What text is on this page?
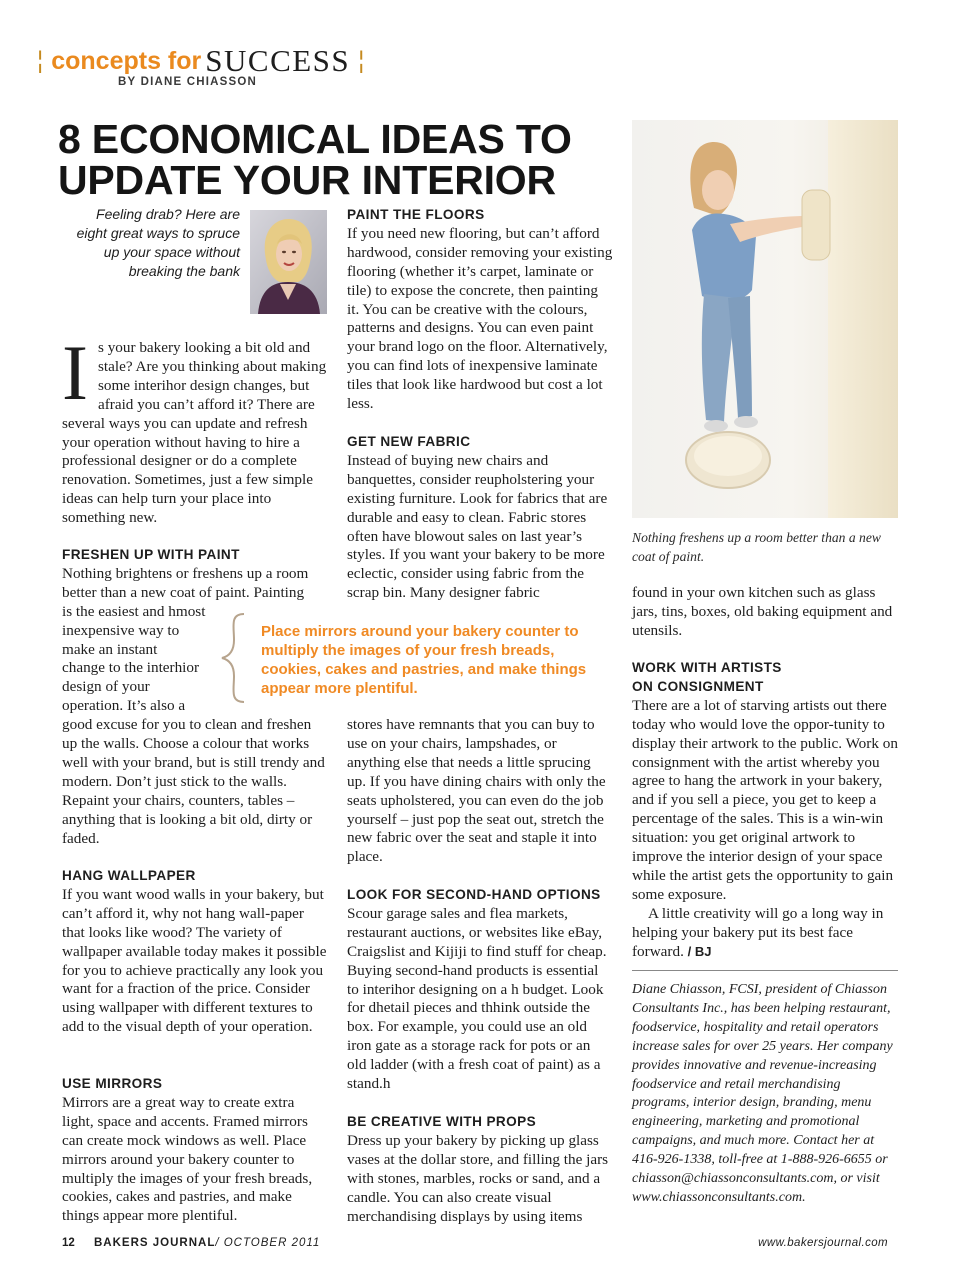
¦ concepts for SUCCESS ¦
BY DIANE CHIASSON
8 ECONOMICAL IDEAS TO
UPDATE YOUR INTERIOR
Feeling drab? Here are eight great ways to spruce up your space without breaking the bank
I s your bakery looking a bit old and stale? Are you thinking about making some interihor design changes, but afraid you can’t afford it? There are several ways you can update and refresh your operation without having to hire a professional designer or do a complete renovation. Sometimes, just a few simple ideas can help turn your place into something new.
FRESHEN UP WITH PAINT

Nothing brightens or freshens up a room better than a new coat of paint. Painting

is the easiest and hmost
inexpensive way to
make an instant
change to the interhior
design of your
operation. It’s also a

good excuse for you to clean and freshen up the walls. Choose a colour that works well with your brand, but is still trendy and modern. Don’t just stick to the walls. Repaint your chairs, counters, tables – anything that is looking a bit old, dirty or faded.

HANG WALLPAPER

If you want wood walls in your bakery, but can’t afford it, why not hang wall-paper that looks like wood? The variety of wallpaper available today makes it possible for you to achieve practically any look you want for a fraction of the price. Consider using wallpaper with different textures to add to the visual depth of your operation.

USE MIRRORS

Mirrors are a great way to create extra light, space and accents. Framed mirrors can create mock windows as well. Place mirrors around your bakery counter to multiply the images of your fresh breads, cookies, cakes and pastries, and make things appear more plentiful.

PAINT THE FLOORS

If you need new flooring, but can’t afford hardwood, consider removing your existing flooring (whether it’s carpet, laminate or tile) to expose the concrete, then painting it. You can be creative with the colours, patterns and designs. You can even paint your brand logo on the floor. Alternatively, you can find lots of inexpensive laminate tiles that look like hardwood but cost a lot less.

GET NEW FABRIC

Instead of buying new chairs and banquettes, consider reupholstering your existing furniture. Look for fabrics that are durable and easy to clean. Fabric stores often have blowout sales on last year’s styles. If you want your bakery to be more eclectic, consider using fabric from the scrap bin. Many designer fabric

Place mirrors around your bakery counter to multiply the images of your fresh breads, cookies, cakes and pastries, and make things appear more plentiful.

stores have remnants that you can buy to use on your chairs, lampshades, or anything else that needs a little sprucing up. If you have dining chairs with only the seats upholstered, you can even do the job yourself – just pop the seat out, stretch the new fabric over the seat and staple it into place.

LOOK FOR SECOND-HAND OPTIONS

Scour garage sales and flea markets, restaurant auctions, or websites like eBay, Craigslist and Kijiji to find stuff for cheap. Buying second-hand products is essential to interihor designing on a h budget. Look for dhetail pieces and thhink outside the box. For example, you could use an old iron gate as a storage rack for pots or an old ladder (with a fresh coat of paint) as a stand.h

BE CREATIVE WITH PROPS

Dress up your bakery by picking up glass vases at the dollar store, and filling the jars with stones, marbles, rocks or sand, and a candle. You can also create visual merchandising displays by using items

Nothing freshens up a room better than a new coat of paint.

found in your own kitchen such as glass jars, tins, boxes, old baking equipment and utensils.

WORK WITH ARTISTS
ON CONSIGNMENT

There are a lot of starving artists out there today who would love the oppor-tunity to display their artwork to the public. Work on consignment with the artist whereby you agree to hang the artwork in your bakery, and if you sell a piece, you get to keep a percentage of the sales. This is a win-win situation: you get original artwork to improve the interior design of your space while the artist gets the opportunity to gain some exposure.

A little creativity will go a long way in helping your bakery put its best face forward. / BJ

Diane Chiasson, FCSI, president of Chiasson Consultants Inc., has been helping restaurant, foodservice, hospitality and retail operators increase sales for over 25 years. Her company provides innovative and revenue-increasing foodservice and retail merchandising programs, interior design, branding, menu engineering, marketing and promotional campaigns, and much more. Contact her at 416-926-1338, toll-free at 1-888-926-6655 or chiasson@chiassonconsultants.com, or visit www.chiassonconsultants.com.
12 BAKERS JOURNAL/ OCTOBER 2011	www.bakersjournal.com
